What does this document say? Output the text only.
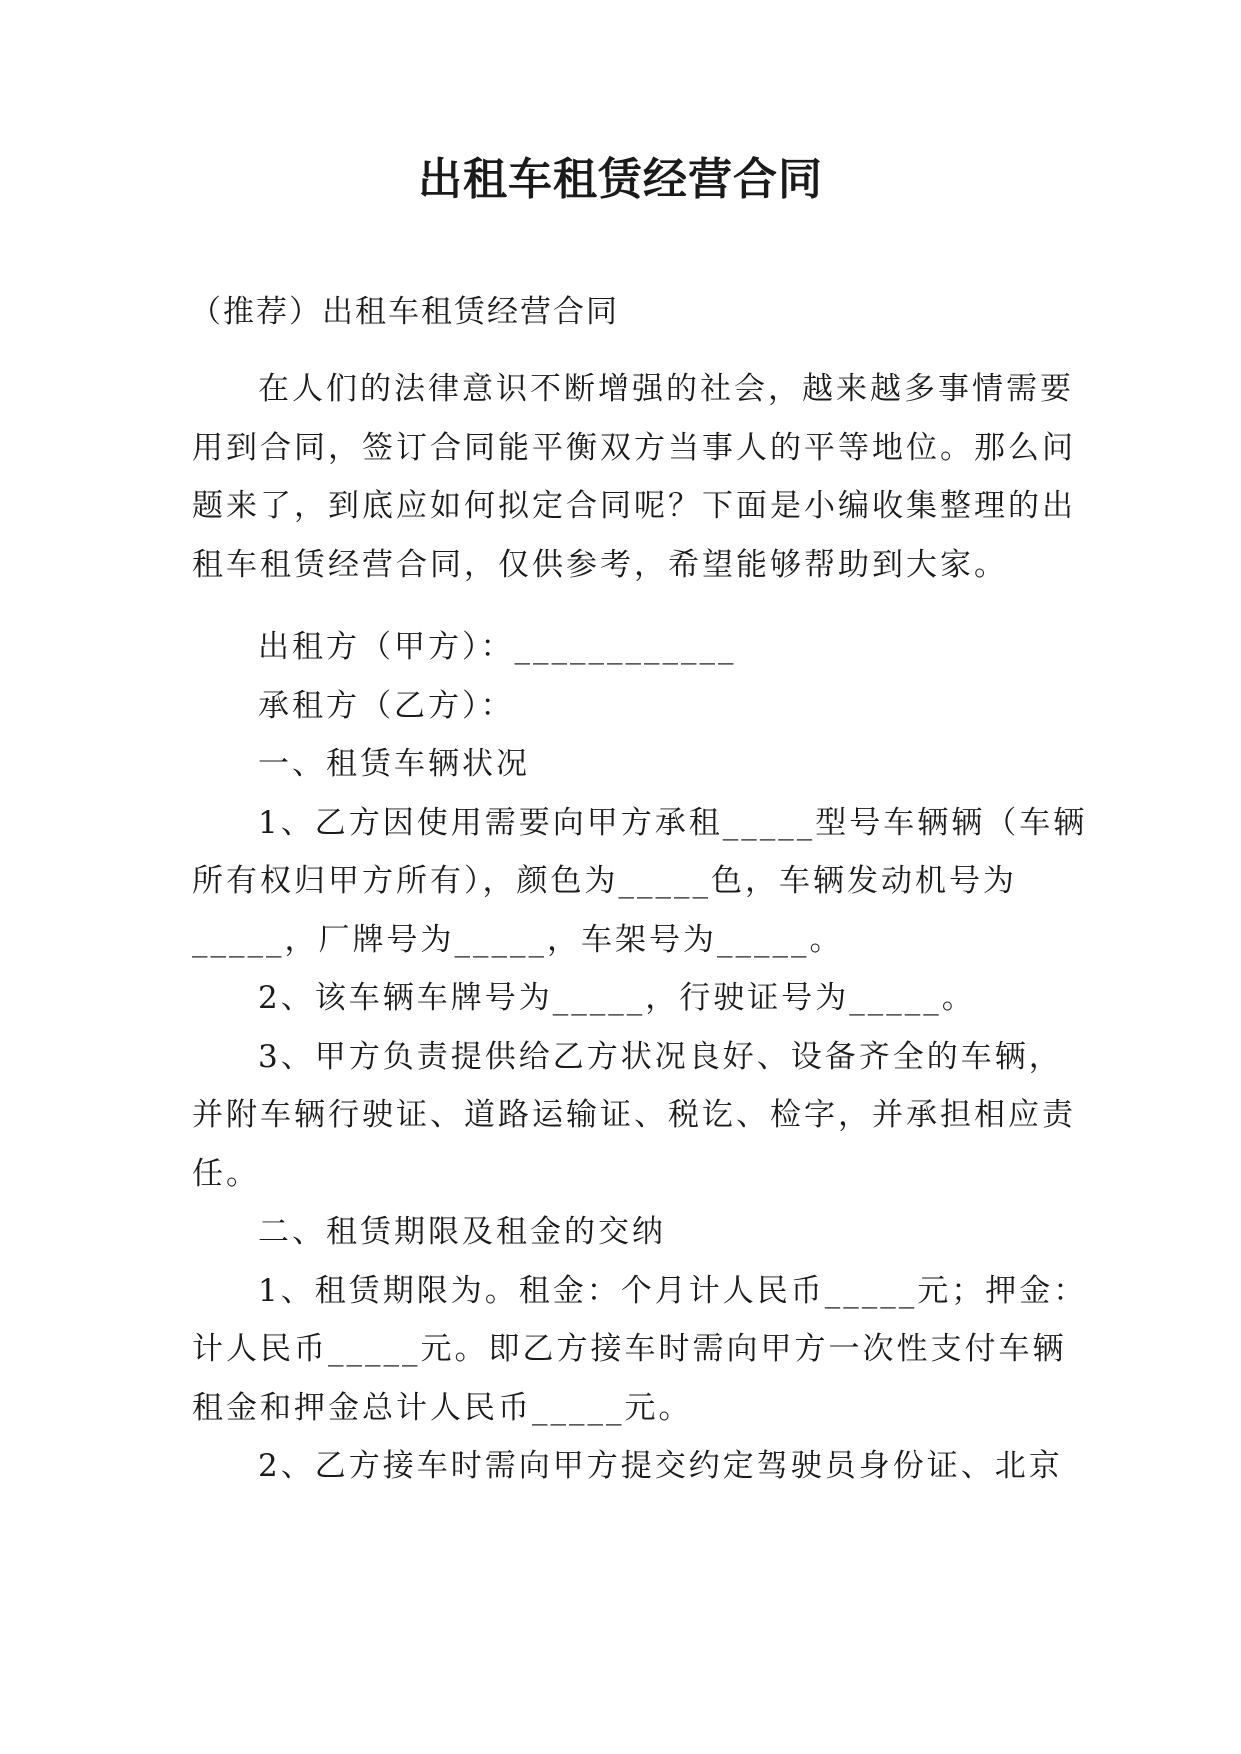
出租车租赁经营合同

（推荐）出租车租赁经营合同

在人们的法律意识不断增强的社会，越来越多事情需要
用到合同，签订合同能平衡双方当事人的平等地位。那么问
题来了，到底应如何拟定合同呢？下面是小编收集整理的出
租车租赁经营合同，仅供参考，希望能够帮助到大家。
出租方（甲方）：____________
承租方（乙方）：
一、租赁车辆状况
1、乙方因使用需要向甲方承租_____型号车辆辆（车辆
所有权归甲方所有），颜色为_____色，车辆发动机号为
_____，厂牌号为_____，车架号为_____。
2、该车辆车牌号为_____，行驶证号为_____。
3、甲方负责提供给乙方状况良好、设备齐全的车辆，
并附车辆行驶证、道路运输证、税讫、检字，并承担相应责
任。
二、租赁期限及租金的交纳
1、租赁期限为。租金：个月计人民币_____元；押金：
计人民币_____元。即乙方接车时需向甲方一次性支付车辆
租金和押金总计人民币_____元。
2、乙方接车时需向甲方提交约定驾驶员身份证、北京
